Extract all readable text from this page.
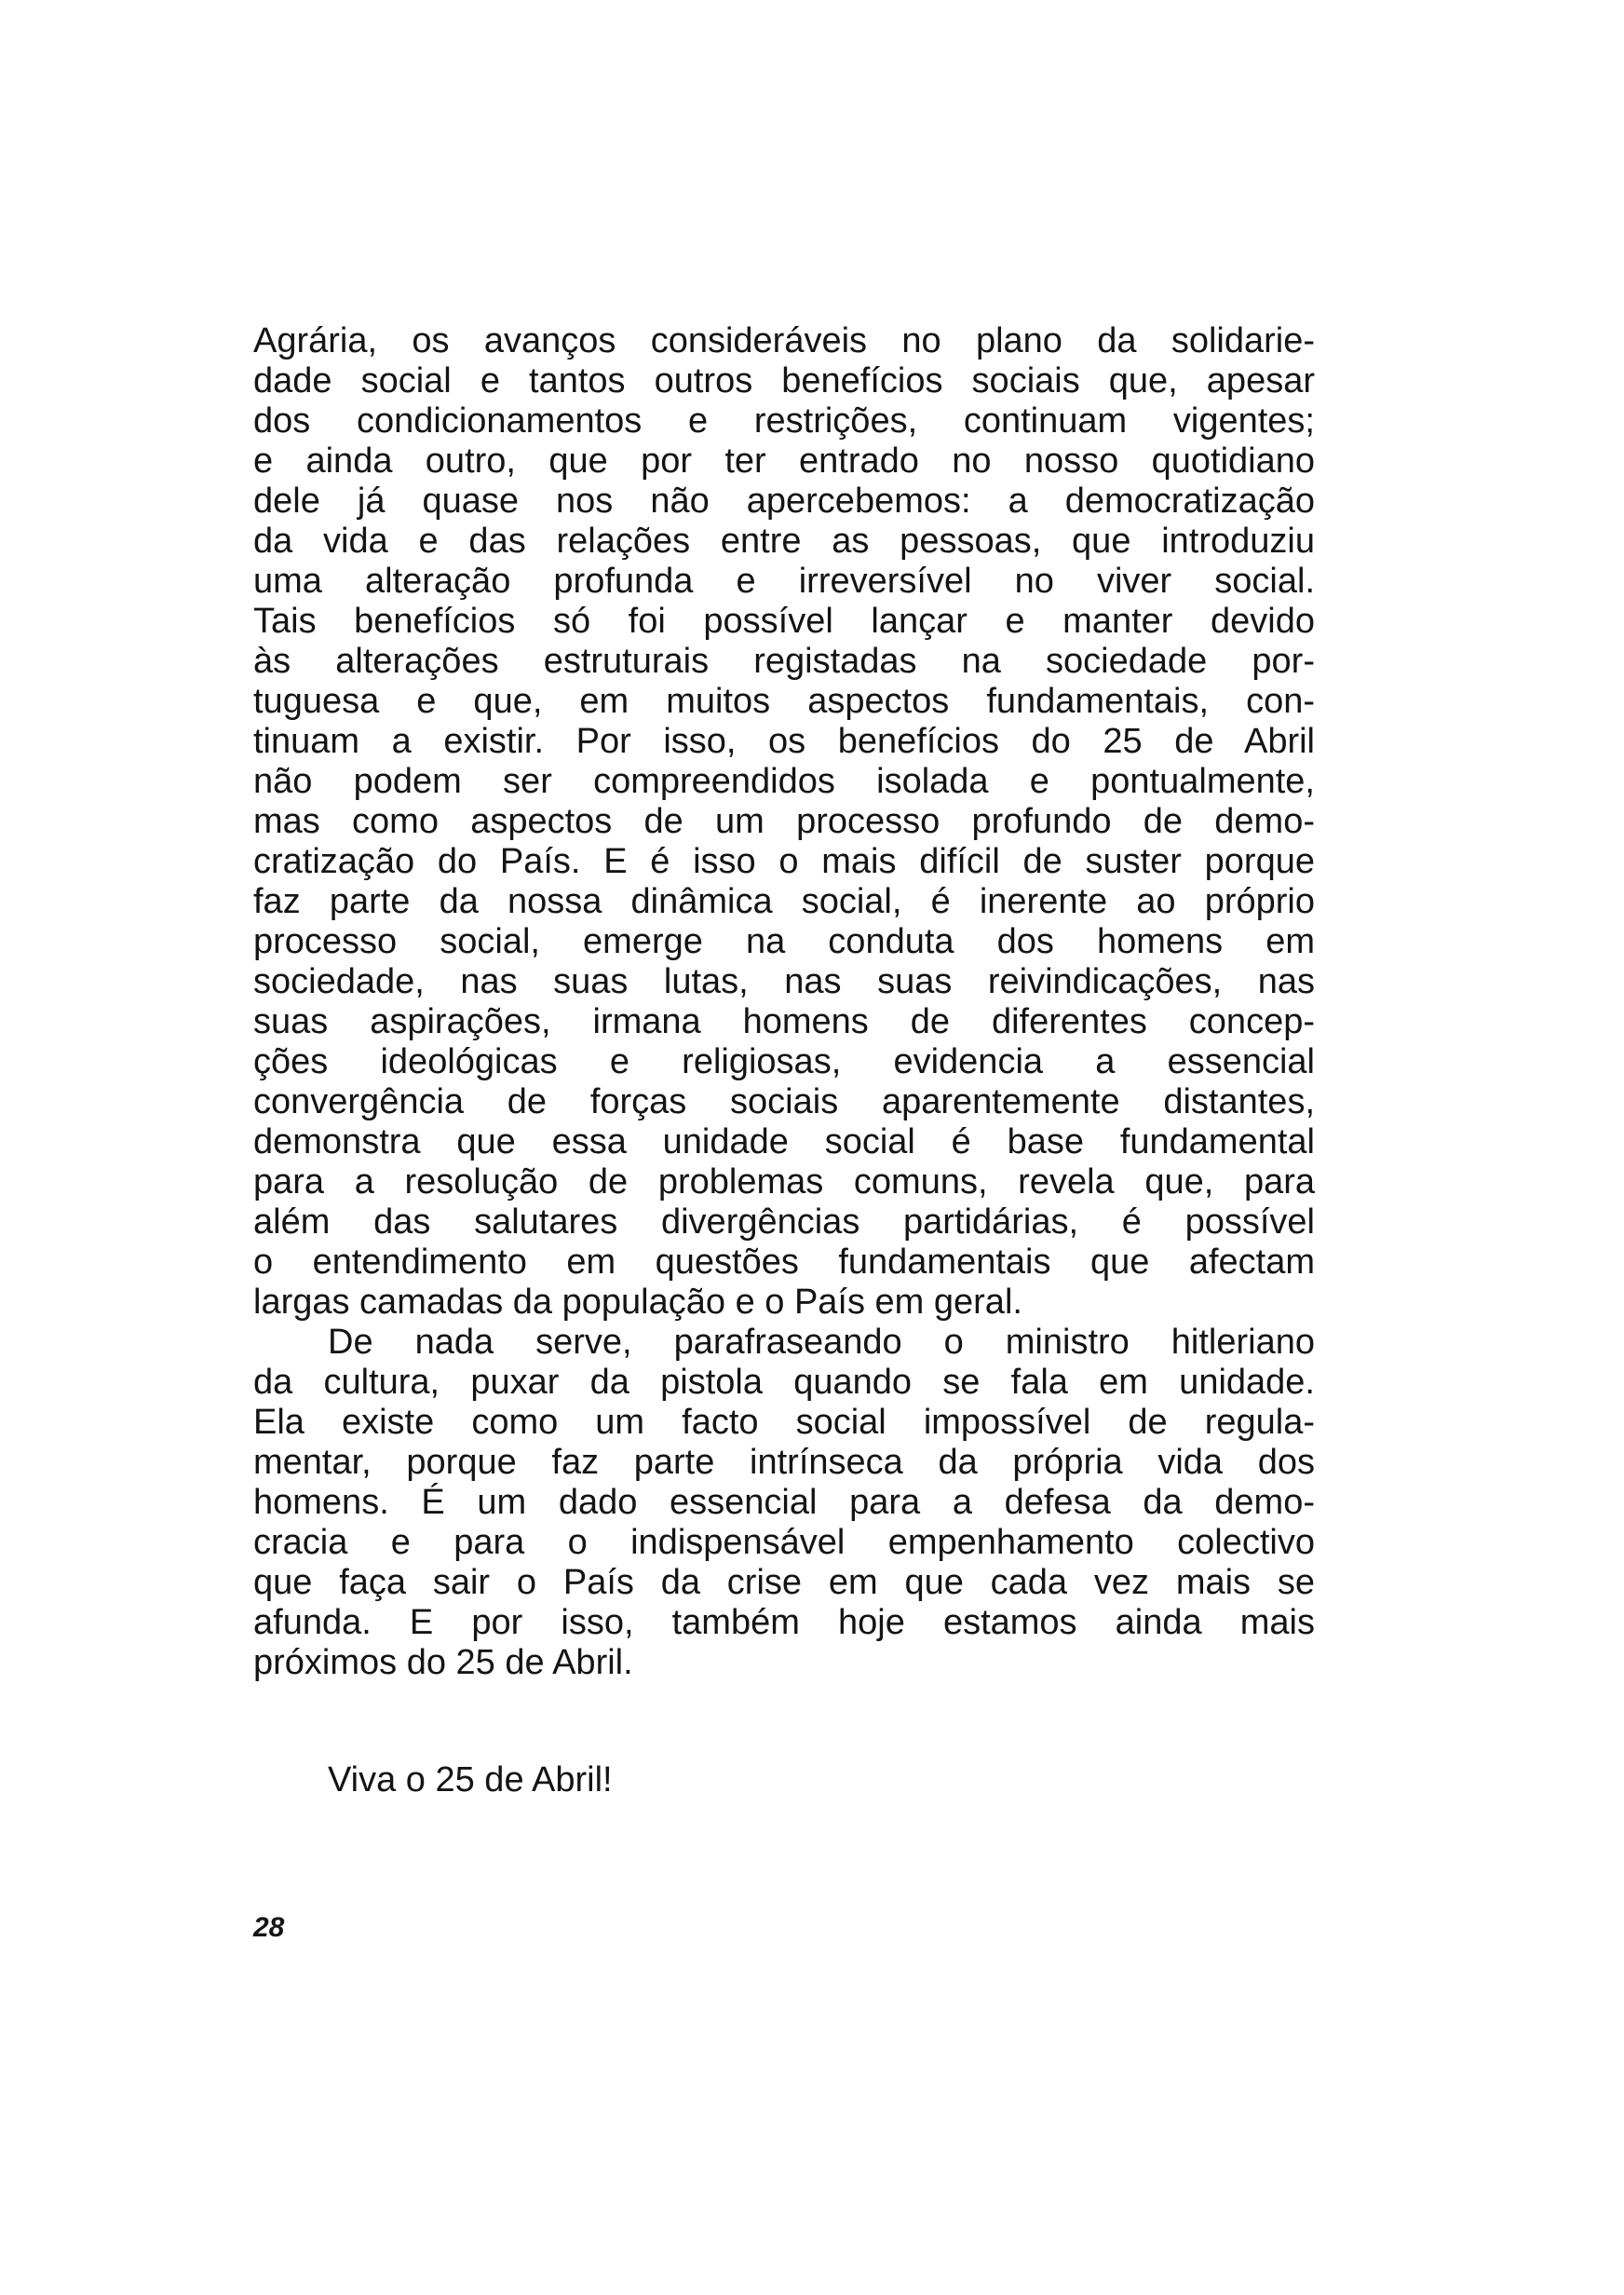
Agrária, os avanços consideráveis no plano da solidarie-
dade social e tantos outros benefícios sociais que, apesar
dos condicionamentos e restrições, continuam vigentes;
e ainda outro, que por ter entrado no nosso quotidiano
dele já quase nos não apercebemos: a democratização
da vida e das relações entre as pessoas, que introduziu
uma alteração profunda e irreversível no viver social.
Tais benefícios só foi possível lançar e manter devido
às alterações estruturais registadas na sociedade por-
tuguesa e que, em muitos aspectos fundamentais, con-
tinuam a existir. Por isso, os benefícios do 25 de Abril
não podem ser compreendidos isolada e pontualmente,
mas como aspectos de um processo profundo de demo-
cratização do País. E é isso o mais difícil de suster porque
faz parte da nossa dinâmica social, é inerente ao próprio
processo social, emerge na conduta dos homens em
sociedade, nas suas lutas, nas suas reivindicações, nas
suas aspirações, irmana homens de diferentes concep-
ções ideológicas e religiosas, evidencia a essencial
convergência de forças sociais aparentemente distantes,
demonstra que essa unidade social é base fundamental
para a resolução de problemas comuns, revela que, para
além das salutares divergências partidárias, é possível
o entendimento em questões fundamentais que afectam
largas camadas da população e o País em geral.
De nada serve, parafraseando o ministro hitleriano
da cultura, puxar da pistola quando se fala em unidade.
Ela existe como um facto social impossível de regula-
mentar, porque faz parte intrínseca da própria vida dos
homens. É um dado essencial para a defesa da demo-
cracia e para o indispensável empenhamento colectivo
que faça sair o País da crise em que cada vez mais se
afunda. E por isso, também hoje estamos ainda mais
próximos do 25 de Abril.
Viva o 25 de Abril!
28
